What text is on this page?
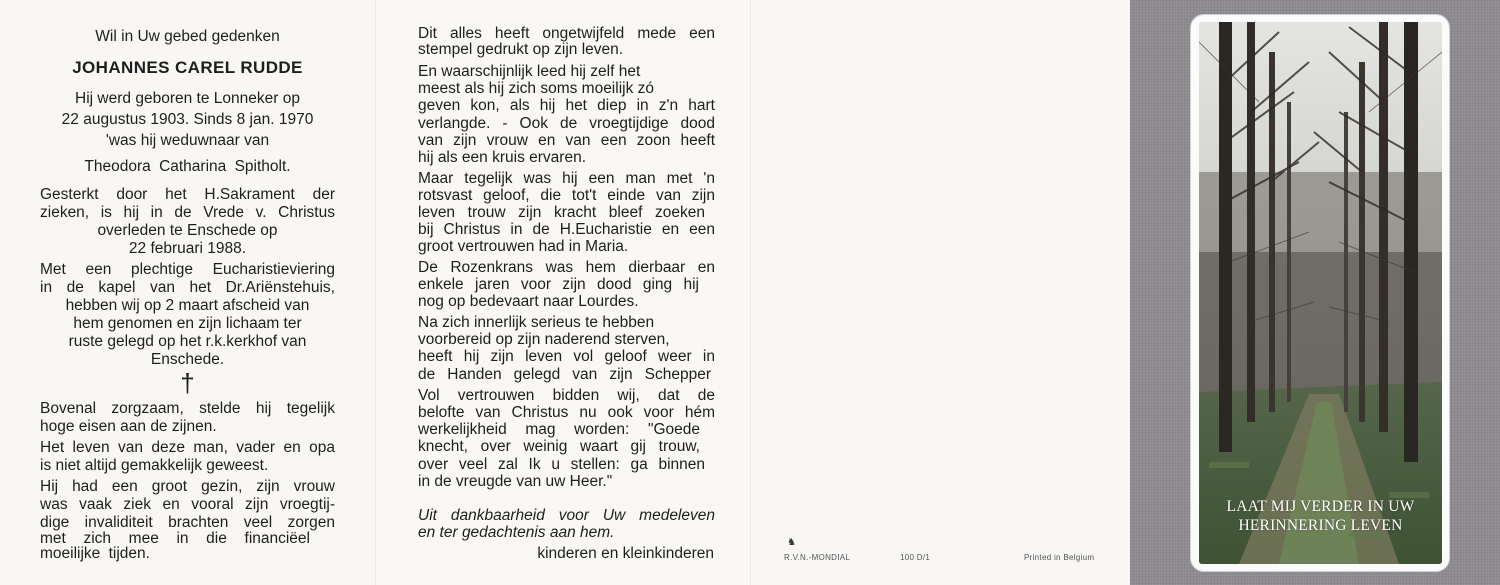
Wil in Uw gebed gedenken
JOHANNES CAREL RUDDE
Hij werd geboren te Lonneker op
22 augustus 1903. Sinds 8 jan. 1970
'was hij weduwnaar van
Theodora Catharina Spitholt.
Gesterkt door het H.Sakrament der
zieken, is hij in de Vrede v. Christus
overleden te Enschede op
22 februari 1988.
Met een plechtige Eucharistieviering
in de kapel van het Dr.Ariënstehuis,
hebben wij op 2 maart afscheid van
hem genomen en zijn lichaam ter
ruste gelegd op het r.k.kerkhof van
Enschede.
†
Bovenal zorgzaam, stelde hij tegelijk
hoge eisen aan de zijnen.
Het leven van deze man, vader en opa
is niet altijd gemakkelijk geweest.
Hij had een groot gezin, zijn vrouw
was vaak ziek en vooral zijn vroegtij-
dige invaliditeit brachten veel zorgen
met zich mee in die financiëel
moeilijke tijden.
Dit alles heeft ongetwijfeld mede een
stempel gedrukt op zijn leven.
En waarschijnlijk leed hij zelf het
meest als hij zich soms moeilijk zó
geven kon, als hij het diep in z'n hart
verlangde. - Ook de vroegtijdige dood
van zijn vrouw en van een zoon heeft
hij als een kruis ervaren.
Maar tegelijk was hij een man met 'n
rotsvast geloof, die tot't einde van zijn
leven trouw zijn kracht bleef zoeken
bij Christus in de H.Eucharistie en een
groot vertrouwen had in Maria.
De Rozenkrans was hem dierbaar en
enkele jaren voor zijn dood ging hij
nog op bedevaart naar Lourdes.
Na zich innerlijk serieus te hebben
voorbereid op zijn naderend sterven,
heeft hij zijn leven vol geloof weer in
de Handen gelegd van zijn Schepper
Vol vertrouwen bidden wij, dat de
belofte van Christus nu ook voor hém
werkelijkheid mag worden: "Goede
knecht, over weinig waart gij trouw,
over veel zal Ik u stellen: ga binnen
in de vreugde van uw Heer."
Uit dankbaarheid voor Uw medeleven
en ter gedachtenis aan hem.
kinderen en kleinkinderen
♞
R.V.N.-MONDIAL	100 D/1	Printed in Belgium
LAAT MIJ VERDER IN UW
HERINNERING LEVEN
